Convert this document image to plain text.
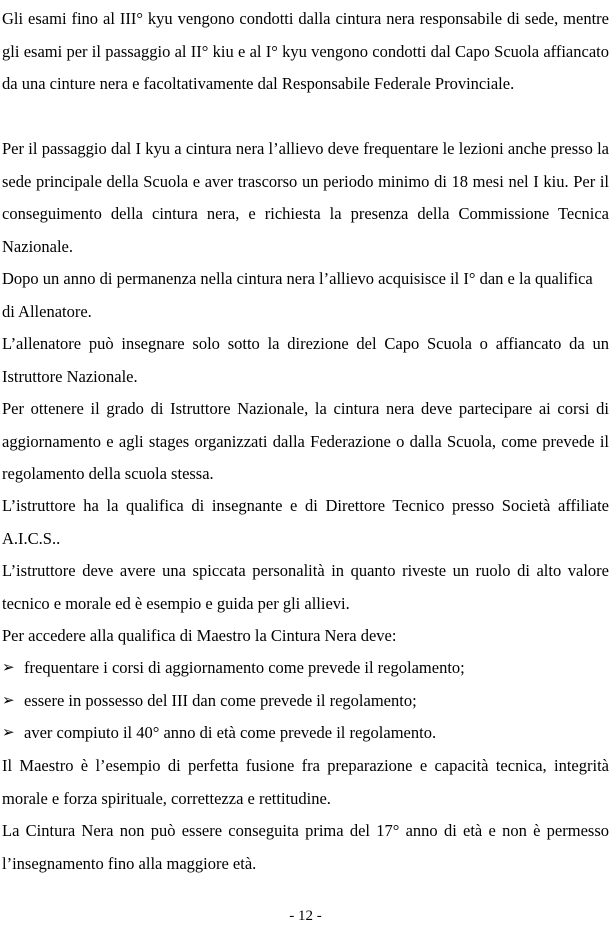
Gli esami fino al III° kyu vengono condotti dalla cintura nera responsabile di sede, mentre gli esami per il passaggio al II° kiu e al I° kyu vengono condotti dal Capo Scuola affiancato da una cinture nera e facoltativamente dal Responsabile Federale Provinciale.

Per il passaggio dal I kyu a cintura nera l’allievo deve frequentare le lezioni anche presso la sede principale della Scuola e aver trascorso un periodo minimo di 18 mesi nel I kiu. Per il conseguimento della cintura nera, e richiesta la presenza della Commissione Tecnica Nazionale.

Dopo un anno di permanenza nella cintura nera l’allievo acquisisce il I° dan e la qualifica di Allenatore.

L’allenatore può insegnare solo sotto la direzione del Capo Scuola o affiancato da un Istruttore Nazionale.

Per ottenere il grado di Istruttore Nazionale, la cintura nera deve partecipare ai corsi di aggiornamento e agli stages organizzati dalla Federazione o dalla Scuola, come prevede il regolamento della scuola stessa.

L’istruttore ha la qualifica di insegnante e di Direttore Tecnico presso Società affiliate A.I.C.S..

L’istruttore deve avere una spiccata personalità in quanto riveste un ruolo di alto valore tecnico e morale ed è esempio e guida per gli allievi.

Per accedere alla qualifica di Maestro la Cintura Nera deve:

➢ frequentare i corsi di aggiornamento come prevede il regolamento;
➢ essere in possesso del III dan come prevede il regolamento;
➢ aver compiuto il 40° anno di età come prevede il regolamento.

Il Maestro è l’esempio di perfetta fusione fra preparazione e capacità tecnica, integrità morale e forza spirituale, correttezza e rettitudine.

La Cintura Nera non può essere conseguita prima del 17° anno di età e non è permesso l’insegnamento fino alla maggiore età.

- 12 -
